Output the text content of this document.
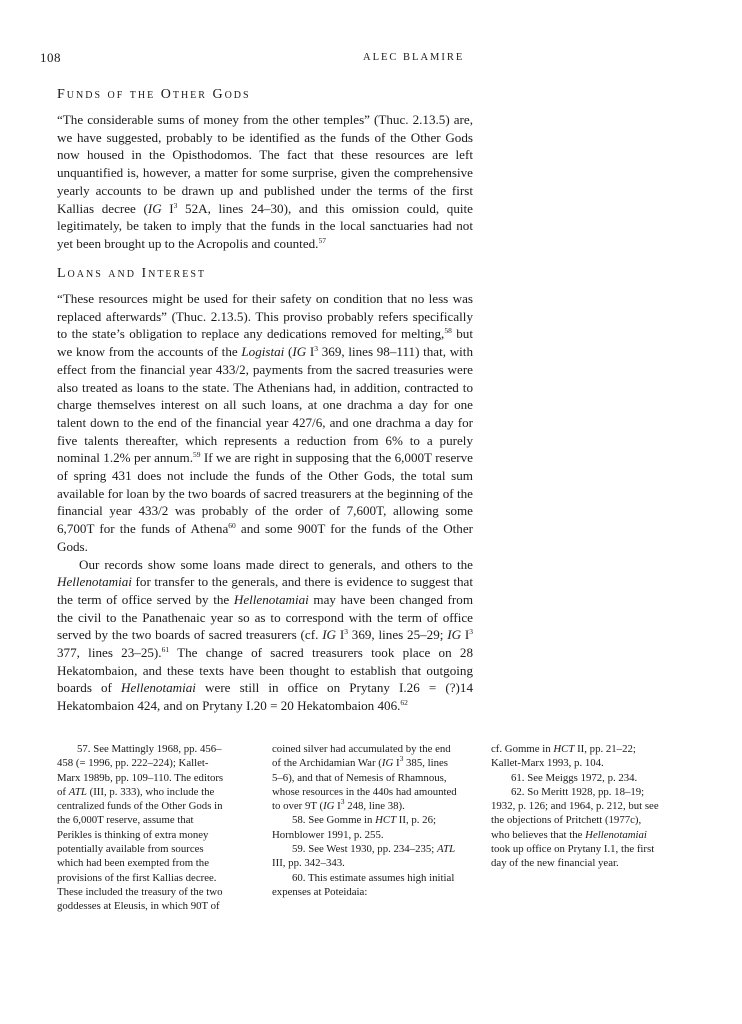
108	ALEC BLAMIRE
Funds of the Other Gods

“The considerable sums of money from the other temples” (Thuc. 2.13.5) are, we have suggested, probably to be identified as the funds of the Other Gods now housed in the Opisthodomos. The fact that these resources are left unquantified is, however, a matter for some surprise, given the comprehensive yearly accounts to be drawn up and published under the terms of the first Kallias decree (IG $I^3$ 52A, lines 24–30), and this omission could, quite legitimately, be taken to imply that the funds in the local sanctuaries had not yet been brought up to the Acropolis and counted.$^{57}$

Loans and Interest

“These resources might be used for their safety on condition that no less was replaced afterwards” (Thuc. 2.13.5). This proviso probably refers specifically to the state’s obligation to replace any dedications removed for melting,$^{58}$ but we know from the accounts of the Logistai (IG $I^3$ 369, lines 98–111) that, with effect from the financial year 433/2, payments from the sacred treasuries were also treated as loans to the state. The Athenians had, in addition, contracted to charge themselves interest on all such loans, at one drachma a day for one talent down to the end of the financial year 427/6, and one drachma a day for five talents thereafter, which represents a reduction from 6% to a purely nominal 1.2% per annum.$^{59}$ If we are right in supposing that the 6,000T reserve of spring 431 does not include the funds of the Other Gods, the total sum available for loan by the two boards of sacred treasurers at the beginning of the financial year 433/2 was probably of the order of 7,600T, allowing some 6,700T for the funds of Athena$^{60}$ and some 900T for the funds of the Other Gods.

Our records show some loans made direct to generals, and others to the Hellenotamiai for transfer to the generals, and there is evidence to suggest that the term of office served by the Hellenotamiai may have been changed from the civil to the Panathenaic year so as to correspond with the term of office served by the two boards of sacred treasurers (cf. IG $I^3$ 369, lines 25–29; IG $I^3$ 377, lines 23–25).$^{61}$ The change of sacred treasurers took place on 28 Hekatombaion, and these texts have been thought to establish that outgoing boards of Hellenotamiai were still in office on Prytany I.26 = (?)14 Hekatombaion 424, and on Prytany I.20 = 20 Hekatombaion 406.62

57. See Mattingly 1968, pp. 456–458 (= 1996, pp. 222–224); Kallet-Marx 1989b, pp. 109–110. The editors of ATL (III, p. 333), who include the centralized funds of the Other Gods in the 6,000T reserve, assume that Perikles is thinking of extra money potentially available from sources which had been exempted from the provisions of the first Kallias decree. These included the treasury of the two goddesses at Eleusis, in which 90T of

coined silver had accumulated by the end of the Archidamian War (IG $I^3$ 385, lines 5–6), and that of Nemesis of Rhamnous, whose resources in the 440s had amounted to over 9T (IG $I^3$ 248, line 38).

58. See Gomme in HCT II, p. 26; Hornblower 1991, p. 255.

59. See West 1930, pp. 234–235; ATL III, pp. 342–343.

60. This estimate assumes high initial expenses at Poteidaia:

cf. Gomme in HCT II, pp. 21–22; Kallet-Marx 1993, p. 104.

61. See Meiggs 1972, p. 234.

62. So Meritt 1928, pp. 18–19; 1932, p. 126; and 1964, p. 212, but see the objections of Pritchett (1977c), who believes that the Hellenotamiai took up office on Prytany I.1, the first day of the new financial year.
